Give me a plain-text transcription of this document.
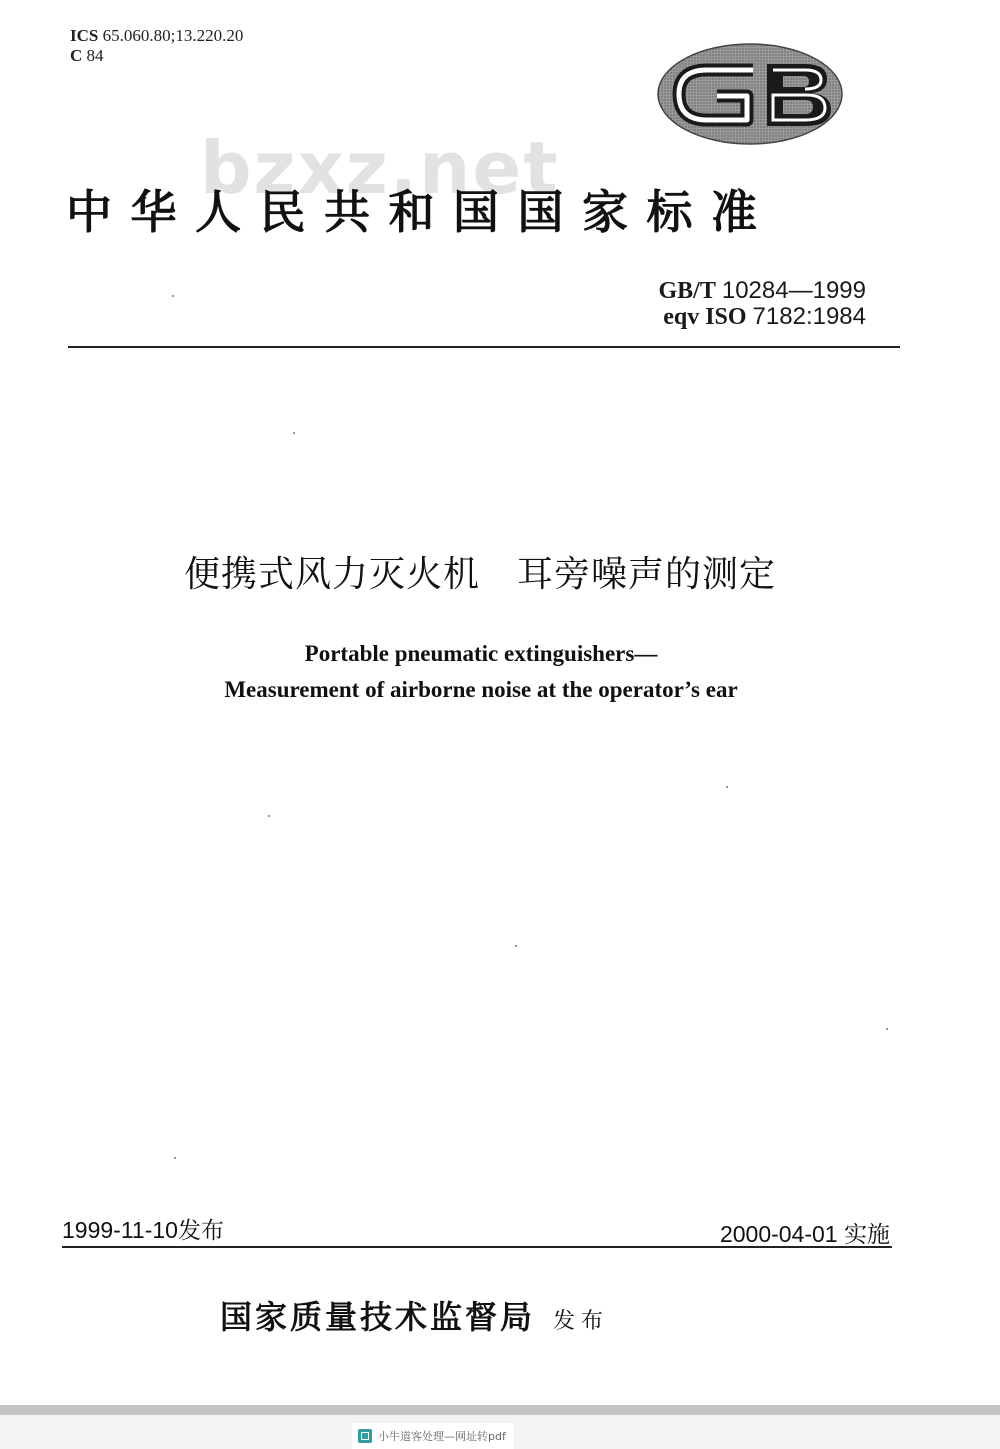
ICS 65.060.80;13.220.20
C 84
bzxz.net
中华人民共和国国家标准
GB/T 10284—1999
eqv ISO 7182:1984
便携式风力灭火机　耳旁噪声的测定
Portable pneumatic extinguishers—
Measurement of airborne noise at the operator’s ear
1999-11-10发布	2000-04-01 实施
国家质量技术监督局 发布
小牛道客处理—网址转pdf
